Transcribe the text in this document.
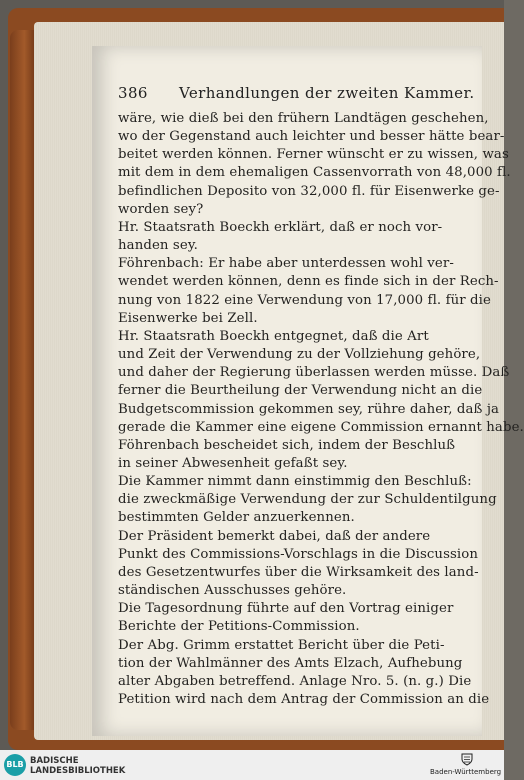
386 Verhandlungen der zweiten Kammer.
wäre, wie dieß bei den frühern Landtägen geschehen,
wo der Gegenstand auch leichter und besser hätte bear-
beitet werden können. Ferner wünscht er zu wissen, was
mit dem in dem ehemaligen Cassenvorrath von 48,000 fl.
befindlichen Deposito von 32,000 fl. für Eisenwerke ge-
worden sey?
Hr. Staatsrath Boeckh erklärt, daß er noch vor-
handen sey.
Föhrenbach: Er habe aber unterdessen wohl ver-
wendet werden können, denn es finde sich in der Rech-
nung von 1822 eine Verwendung von 17,000 fl. für die
Eisenwerke bei Zell.
Hr. Staatsrath Boeckh entgegnet, daß die Art
und Zeit der Verwendung zu der Vollziehung gehöre,
und daher der Regierung überlassen werden müsse. Daß
ferner die Beurtheilung der Verwendung nicht an die
Budgetscommission gekommen sey, rühre daher, daß ja
gerade die Kammer eine eigene Commission ernannt habe.
Föhrenbach bescheidet sich, indem der Beschluß
in seiner Abwesenheit gefaßt sey.
Die Kammer nimmt dann einstimmig den Beschluß:
die zweckmäßige Verwendung der zur Schuldentilgung
bestimmten Gelder anzuerkennen.
Der Präsident bemerkt dabei, daß der andere
Punkt des Commissions-Vorschlags in die Discussion
des Gesetzentwurfes über die Wirksamkeit des land-
ständischen Ausschusses gehöre.
Die Tagesordnung führte auf den Vortrag einiger
Berichte der Petitions-Commission.
Der Abg. Grimm erstattet Bericht über die Peti-
tion der Wahlmänner des Amts Elzach, Aufhebung
alter Abgaben betreffend. Anlage Nro. 5. (n. g.) Die
Petition wird nach dem Antrag der Commission an die
BLB BADISCHE
LANDESBIBLIOTHEK	Baden-Württemberg
